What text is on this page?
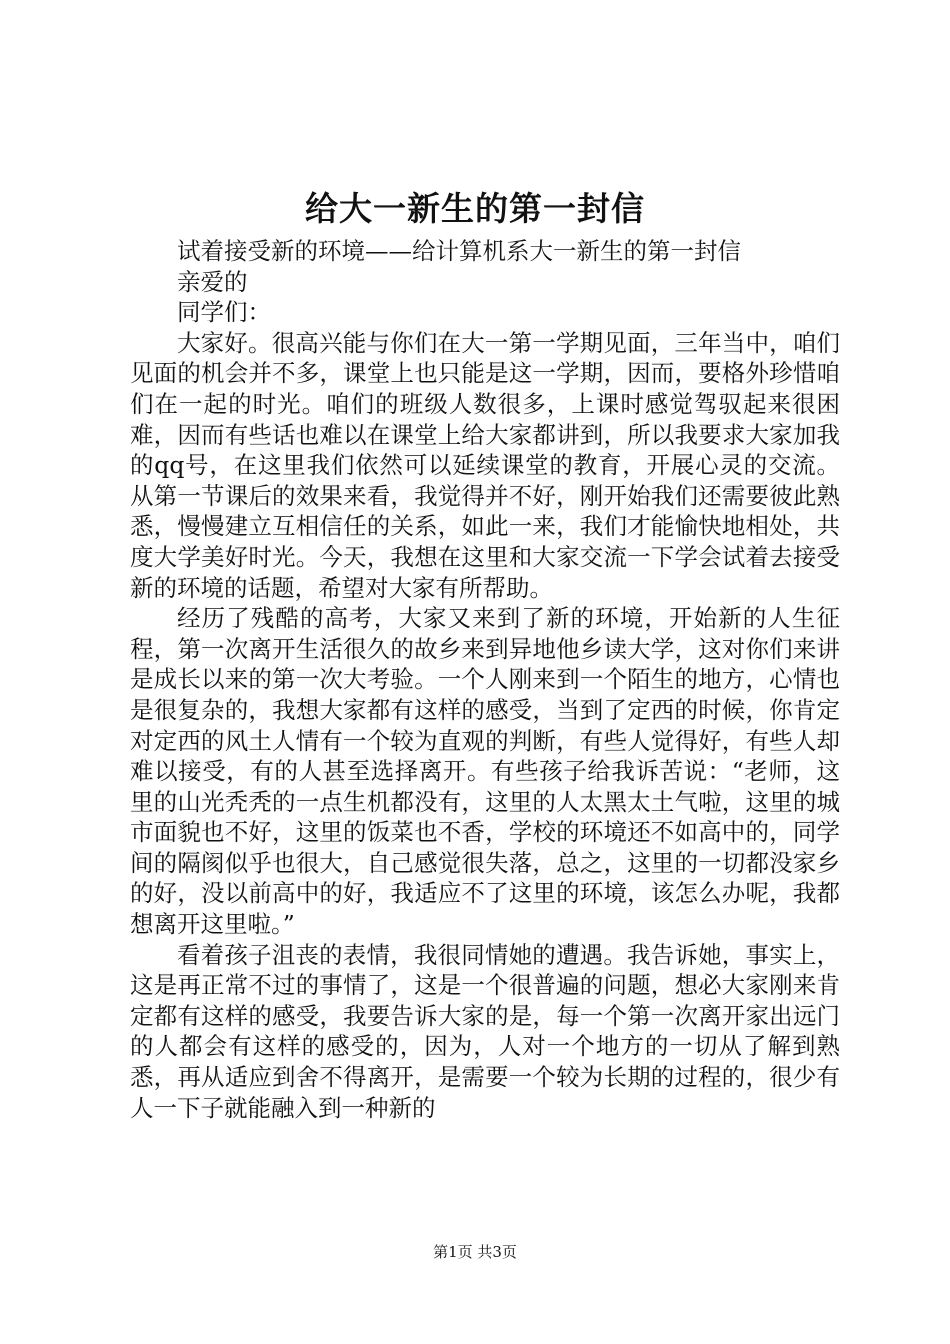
给大一新生的第一封信

试着接受新的环境——给计算机系大一新生的第一封信

亲爱的

同学们：

大家好。很高兴能与你们在大一第一学期见面，三年当中，咱们见面的机会并不多，课堂上也只能是这一学期，因而，要格外珍惜咱们在一起的时光。咱们的班级人数很多，上课时感觉驾驭起来很困难，因而有些话也难以在课堂上给大家都讲到，所以我要求大家加我的qq号，在这里我们依然可以延续课堂的教育，开展心灵的交流。从第一节课后的效果来看，我觉得并不好，刚开始我们还需要彼此熟悉，慢慢建立互相信任的关系，如此一来，我们才能愉快地相处，共度大学美好时光。今天，我想在这里和大家交流一下学会试着去接受新的环境的话题，希望对大家有所帮助。

经历了残酷的高考，大家又来到了新的环境，开始新的人生征程，第一次离开生活很久的故乡来到异地他乡读大学，这对你们来讲是成长以来的第一次大考验。一个人刚来到一个陌生的地方，心情也是很复杂的，我想大家都有这样的感受，当到了定西的时候，你肯定对定西的风土人情有一个较为直观的判断，有些人觉得好，有些人却难以接受，有的人甚至选择离开。有些孩子给我诉苦说：“老师，这里的山光秃秃的一点生机都没有，这里的人太黑太土气啦，这里的城市面貌也不好，这里的饭菜也不香，学校的环境还不如高中的，同学间的隔阂似乎也很大，自己感觉很失落，总之，这里的一切都没家乡的好，没以前高中的好，我适应不了这里的环境，该怎么办呢，我都想离开这里啦。”

看着孩子沮丧的表情，我很同情她的遭遇。我告诉她，事实上，这是再正常不过的事情了，这是一个很普遍的问题，想必大家刚来肯定都有这样的感受，我要告诉大家的是，每一个第一次离开家出远门的人都会有这样的感受的，因为，人对一个地方的一切从了解到熟悉，再从适应到舍不得离开，是需要一个较为长期的过程的，很少有人一下子就能融入到一种新的

第1页 共3页
